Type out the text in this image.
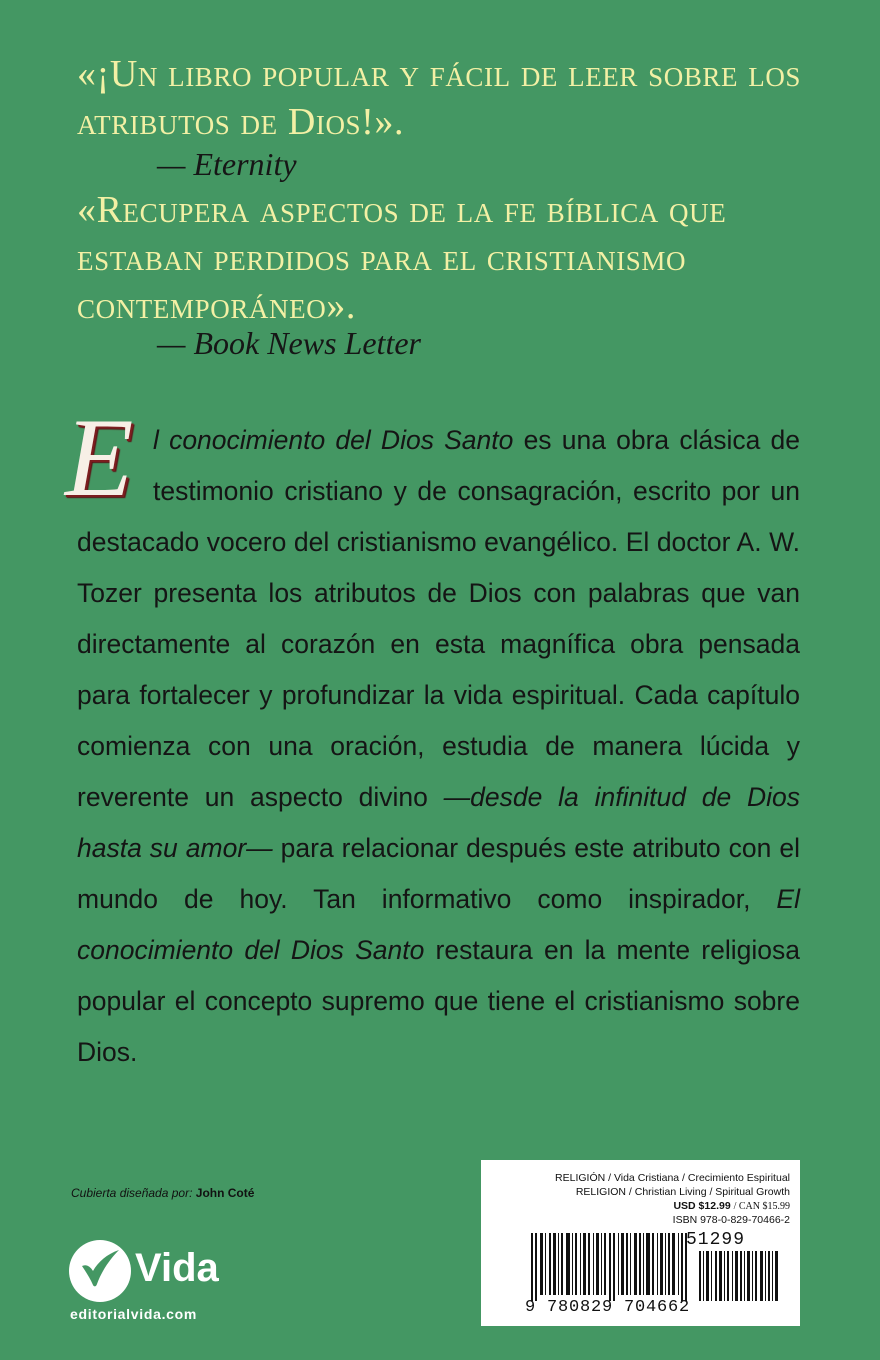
«¡Un libro popular y fácil de leer sobre los atributos de Dios!».

— Eternity

«Recupera aspectos de la fe bíblica que estaban perdidos para el cristianismo contemporáneo».

— Book News Letter

E l conocimiento del Dios Santo es una obra clásica de testimonio cristiano y de consagración, escrito por un destacado vocero del cristianismo evangélico. El doctor A. W. Tozer presenta los atributos de Dios con palabras que van directamente al corazón en esta magnífica obra pensada para fortalecer y profundizar la vida espiritual. Cada capítulo comienza con una oración, estudia de manera lúcida y reverente un aspecto divino —desde la infinitud de Dios hasta su amor— para relacionar después este atributo con el mundo de hoy. Tan informativo como inspirador, El conocimiento del Dios Santo restaura en la mente religiosa popular el concepto supremo que tiene el cristianismo sobre Dios.

Cubierta diseñada por: John Coté

Vida

editorialvida.com

RELIGIÓN / Vida Cristiana / Crecimiento Espiritual

RELIGION / Christian Living / Spiritual Growth

USD $12.99 / CAN $15.99

ISBN 978-0-829-70466-2

51299

9 780829 704662
